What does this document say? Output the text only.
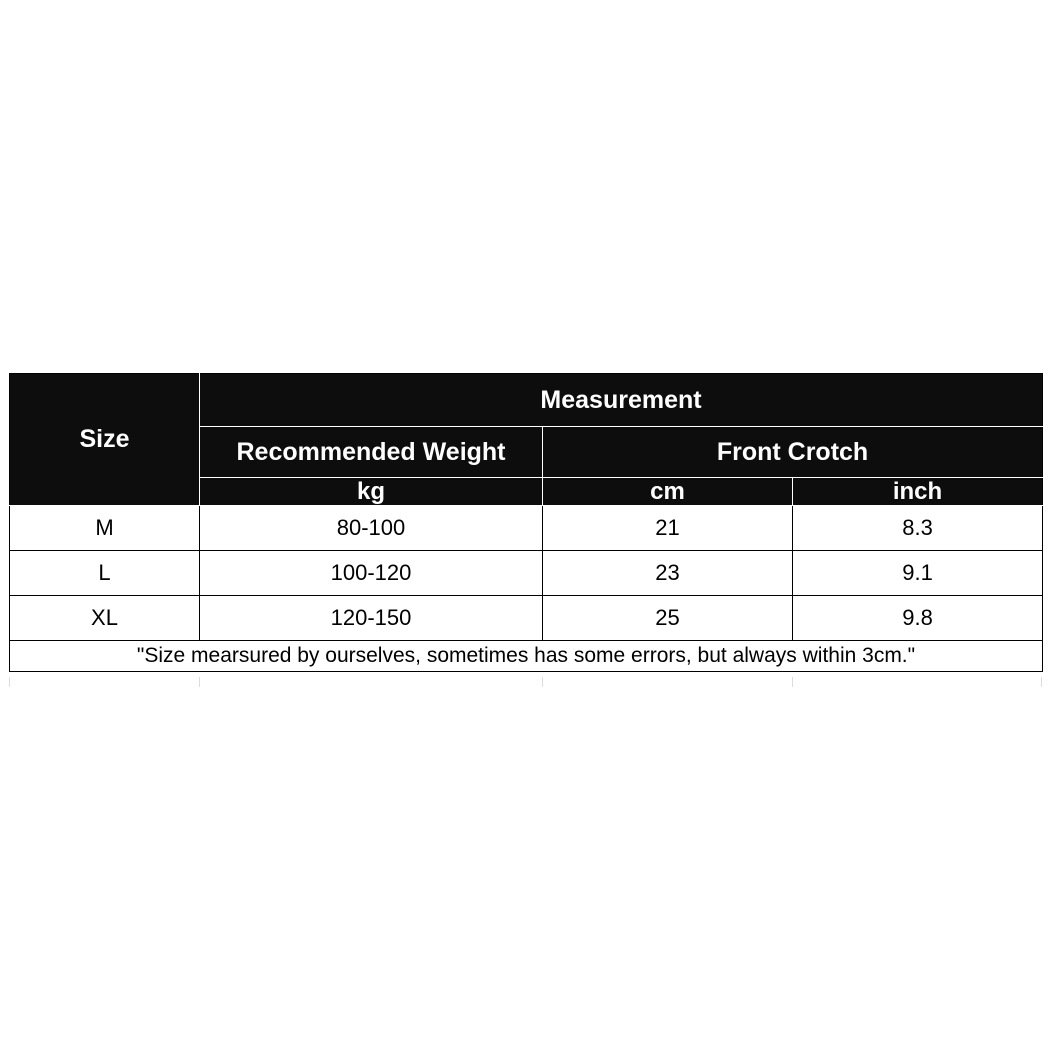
Size	Measurement		
	Recommended Weight	Front Crotch	
	kg	cm	inch
M	80-100	21	8.3
L	100-120	23	9.1
XL	120-150	25	9.8
"Size mearsured by ourselves, sometimes has some errors, but always within 3cm."			
